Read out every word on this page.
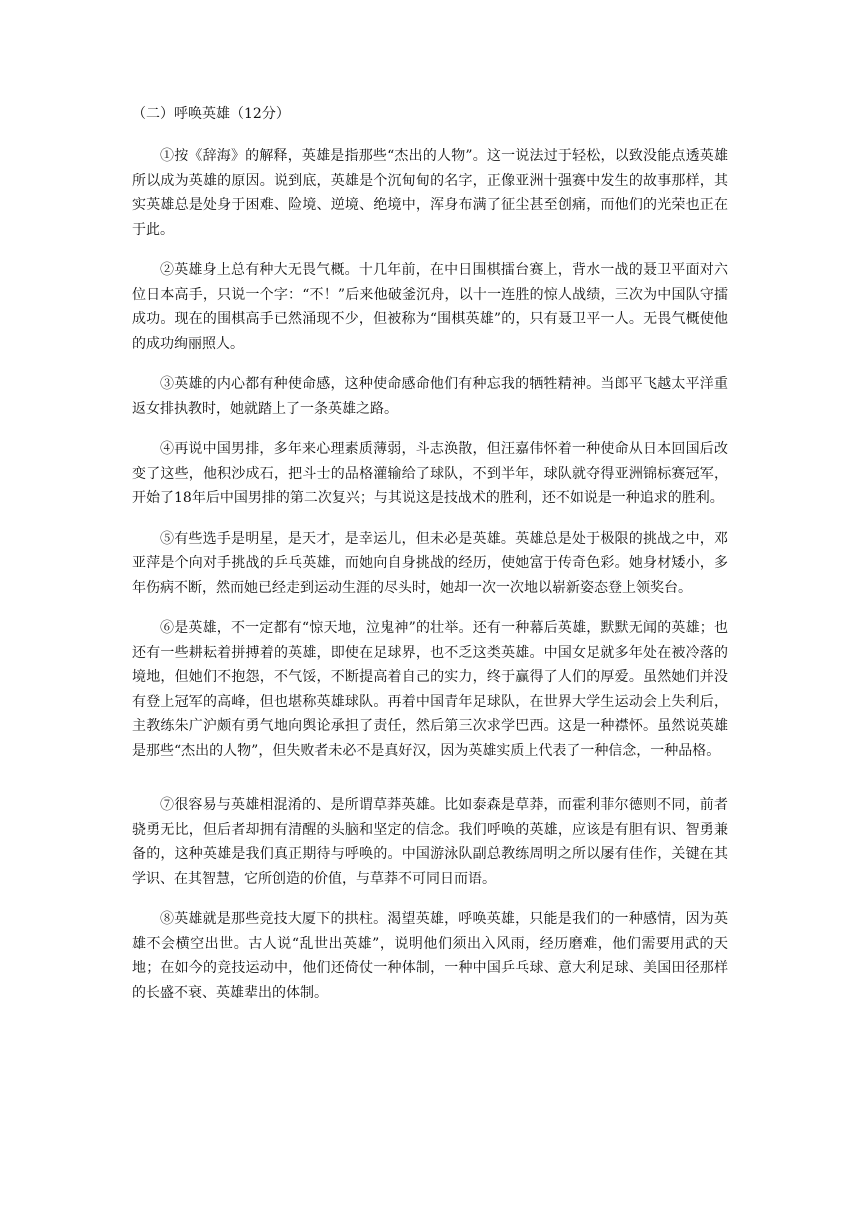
（二）呼唤英雄（12分）

①按《辞海》的解释，英雄是指那些“杰出的人物”。这一说法过于轻松，以致没能点透英雄所以成为英雄的原因。说到底，英雄是个沉甸甸的名字，正像亚洲十强赛中发生的故事那样，其实英雄总是处身于困难、险境、逆境、绝境中，浑身布满了征尘甚至创痛，而他们的光荣也正在于此。

②英雄身上总有种大无畏气概。十几年前，在中日围棋擂台赛上，背水一战的聂卫平面对六位日本高手，只说一个字：“不！”后来他破釜沉舟，以十一连胜的惊人战绩，三次为中国队守擂成功。现在的围棋高手已然涌现不少，但被称为“围棋英雄”的，只有聂卫平一人。无畏气概使他的成功绚丽照人。

③英雄的内心都有种使命感，这种使命感命他们有种忘我的牺牲精神。当郎平飞越太平洋重返女排执教时，她就踏上了一条英雄之路。

④再说中国男排，多年来心理素质薄弱，斗志涣散，但汪嘉伟怀着一种使命从日本回国后改变了这些，他积沙成石，把斗士的品格灌输给了球队，不到半年，球队就夺得亚洲锦标赛冠军，开始了18年后中国男排的第二次复兴；与其说这是技战术的胜利，还不如说是一种追求的胜利。

⑤有些选手是明星，是天才，是幸运儿，但未必是英雄。英雄总是处于极限的挑战之中，邓亚萍是个向对手挑战的乒乓英雄，而她向自身挑战的经历，使她富于传奇色彩。她身材矮小，多年伤病不断，然而她已经走到运动生涯的尽头时，她却一次一次地以崭新姿态登上领奖台。

⑥是英雄，不一定都有“惊天地，泣鬼神”的壮举。还有一种幕后英雄，默默无闻的英雄；也还有一些耕耘着拼搏着的英雄，即使在足球界，也不乏这类英雄。中国女足就多年处在被冷落的境地，但她们不抱怨，不气馁，不断提高着自己的实力，终于赢得了人们的厚爱。虽然她们并没有登上冠军的高峰，但也堪称英雄球队。再着中国青年足球队，在世界大学生运动会上失利后，主教练朱广沪颇有勇气地向舆论承担了责任，然后第三次求学巴西。这是一种襟怀。虽然说英雄是那些“杰出的人物”，但失败者未必不是真好汉，因为英雄实质上代表了一种信念，一种品格。

⑦很容易与英雄相混淆的、是所谓草莽英雄。比如泰森是草莽，而霍利菲尔德则不同，前者骁勇无比，但后者却拥有清醒的头脑和坚定的信念。我们呼唤的英雄，应该是有胆有识、智勇兼备的，这种英雄是我们真正期待与呼唤的。中国游泳队副总教练周明之所以屡有佳作，关键在其学识、在其智慧，它所创造的价值，与草莽不可同日而语。

⑧英雄就是那些竞技大厦下的拱柱。渴望英雄，呼唤英雄，只能是我们的一种感情，因为英雄不会横空出世。古人说“乱世出英雄”，说明他们须出入风雨，经历磨难，他们需要用武的天地；在如今的竞技运动中，他们还倚仗一种体制，一种中国乒乓球、意大利足球、美国田径那样的长盛不衰、英雄辈出的体制。
